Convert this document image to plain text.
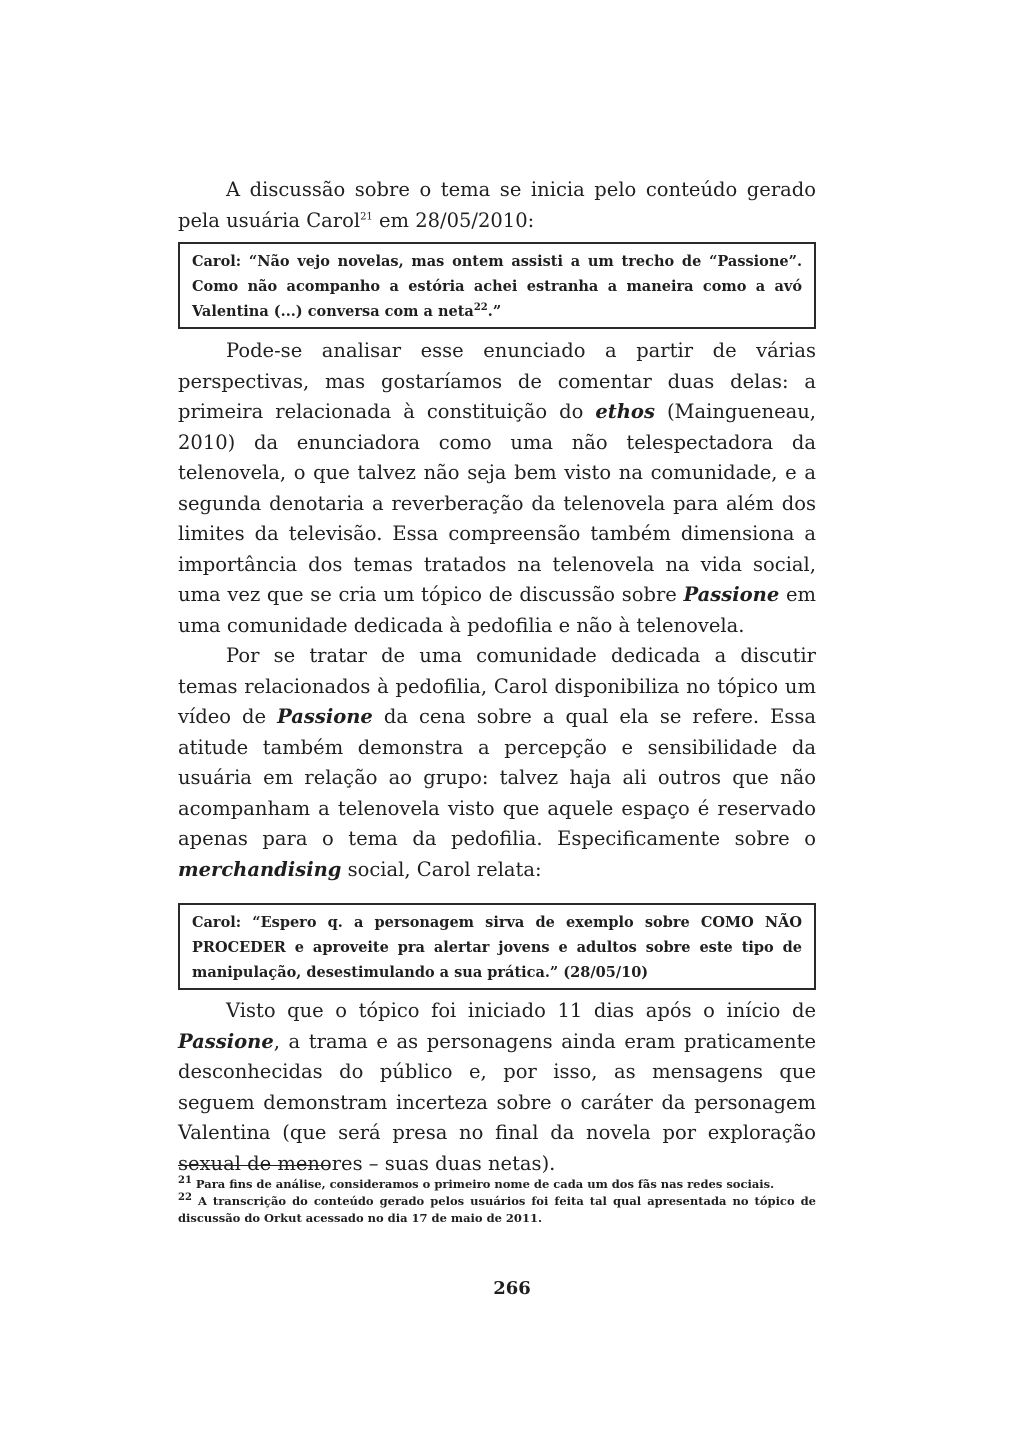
A discussão sobre o tema se inicia pelo conteúdo gerado pela usuária Carol$^{21}$ em 28/05/2010:

Carol: “Não vejo novelas, mas ontem assisti a um trecho de “Passione”. Como não acompanho a estória achei estranha a maneira como a avó Valentina (...) conversa com a neta$^{22}$.”

Pode-se analisar esse enunciado a partir de várias perspectivas, mas gostaríamos de comentar duas delas: a primeira relacionada à constituição do ethos (Maingueneau, 2010) da enunciadora como uma não telespectadora da telenovela, o que talvez não seja bem visto na comunidade, e a segunda denotaria a reverberação da telenovela para além dos limites da televisão. Essa compreensão também dimensiona a importância dos temas tratados na telenovela na vida social, uma vez que se cria um tópico de discussão sobre Passione em uma comunidade dedicada à pedofilia e não à telenovela.

Por se tratar de uma comunidade dedicada a discutir temas relacionados à pedofilia, Carol disponibiliza no tópico um vídeo de Passione da cena sobre a qual ela se refere. Essa atitude também demonstra a percepção e sensibilidade da usuária em relação ao grupo: talvez haja ali outros que não acompanham a telenovela visto que aquele espaço é reservado apenas para o tema da pedofilia. Especificamente sobre o merchandising social, Carol relata:

Carol: “Espero q. a personagem sirva de exemplo sobre COMO NÃO PROCEDER e aproveite pra alertar jovens e adultos sobre este tipo de manipulação, desestimulando a sua prática.” (28/05/10)

Visto que o tópico foi iniciado 11 dias após o início de Passione, a trama e as personagens ainda eram praticamente desconhecidas do público e, por isso, as mensagens que seguem demonstram incerteza sobre o caráter da personagem Valentina (que será presa no final da novela por exploração sexual de menores – suas duas netas).

$^{21}$ Para fins de análise, consideramos o primeiro nome de cada um dos fãs nas redes sociais.

$^{22}$ A transcrição do conteúdo gerado pelos usuários foi feita tal qual apresentada no tópico de discussão do Orkut acessado no dia 17 de maio de 2011.

266
